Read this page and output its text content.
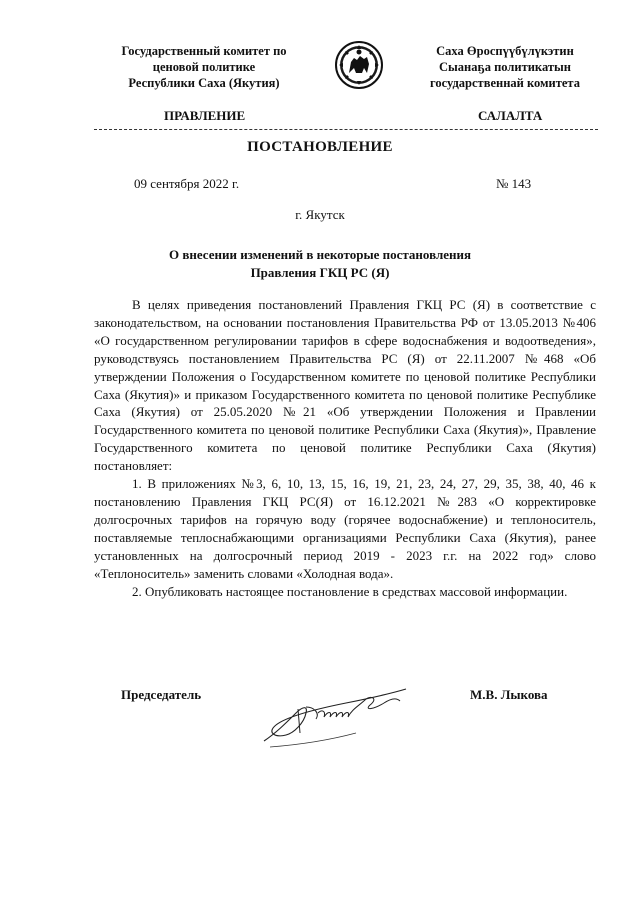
Государственный комитет по
ценовой политике
Республики Саха (Якутия)
Саха Өроспүүбүлүкэтин
Сыанаҕа политикатын
государственнай комитета
ПРАВЛЕНИЕ	САЛАЛТА
ПОСТАНОВЛЕНИЕ
09 сентября 2022 г.	№ 143
г. Якутск
О внесении изменений в некоторые постановления
Правления ГКЦ РС (Я)

В целях приведения постановлений Правления ГКЦ РС (Я) в соответствие с законодательством, на основании постановления Правительства РФ от 13.05.2013 №406 «О государственном регулировании тарифов в сфере водоснабжения и водоотведения», руководствуясь постановлением Правительства РС (Я) от 22.11.2007 №468 «Об утверждении Положения о Государственном комитете по ценовой политике Республики Саха (Якутия)» и приказом Государственного комитета по ценовой политике Республике Саха (Якутия) от 25.05.2020 №21 «Об утверждении Положения и Правлении Государственного комитета по ценовой политике Республики Саха (Якутия)», Правление Государственного комитета по ценовой политике Республики Саха (Якутия) постановляет:

1. В приложениях №3, 6, 10, 13, 15, 16, 19, 21, 23, 24, 27, 29, 35, 38, 40, 46 к постановлению Правления ГКЦ РС(Я) от 16.12.2021 №283 «О корректировке долгосрочных тарифов на горячую воду (горячее водоснабжение) и теплоноситель, поставляемые теплоснабжающими организациями Республики Саха (Якутия), ранее установленных на долгосрочный период 2019 - 2023 г.г. на 2022 год» слово «Теплоноситель» заменить словами «Холодная вода».

2. Опубликовать настоящее постановление в средствах массовой информации.

Председатель	М.В. Лыкова
